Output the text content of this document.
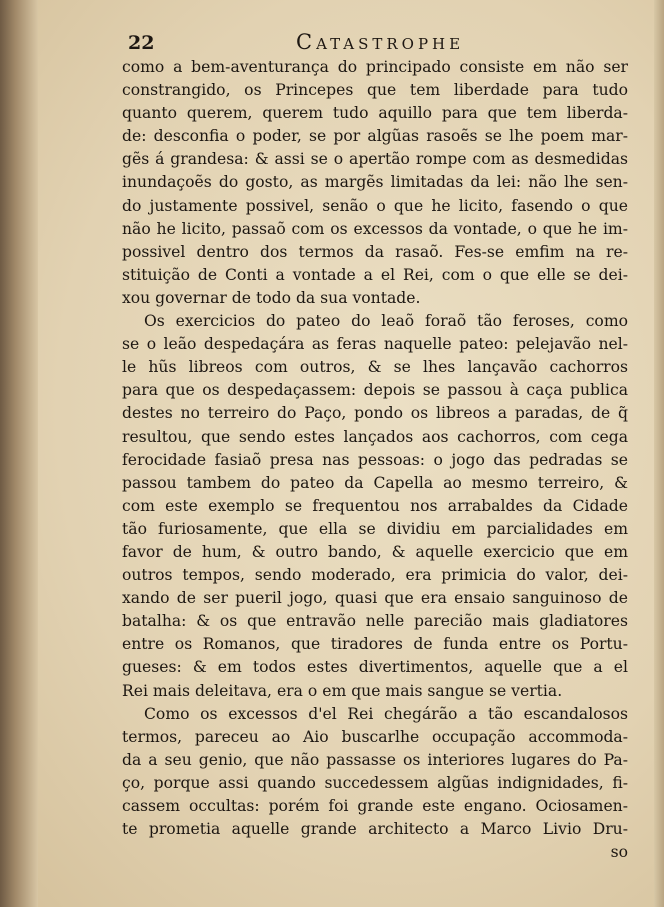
22	Catastrophe
como a bem-aventurança do principado consiste em não ser
constrangido, os Princepes que tem liberdade para tudo
quanto querem, querem tudo aquillo para que tem liberda-
de: desconfia o poder, se por algũas rasoẽs se lhe poem mar-
gẽs á grandesa: & assi se o apertão rompe com as desmedidas
inundaçoẽs do gosto, as margẽs limitadas da lei: não lhe sen-
do justamente possivel, senão o que he licito, fasendo o que
não he licito, passaõ com os excessos da vontade, o que he im-
possivel dentro dos termos da rasaõ. Fes-se emfim na re-
stituição de Conti a vontade a el Rei, com o que elle se dei-
xou governar de todo da sua vontade.
Os exercicios do pateo do leaõ foraõ tão feroses, como
se o leão despedaçára as feras naquelle pateo: pelejavão nel-
le hũs libreos com outros, & se lhes lançavão cachorros
para que os despedaçassem: depois se passou à caça publica
destes no terreiro do Paço, pondo os libreos a paradas, de q̃
resultou, que sendo estes lançados aos cachorros, com cega
ferocidade fasiaõ presa nas pessoas: o jogo das pedradas se
passou tambem do pateo da Capella ao mesmo terreiro, &
com este exemplo se frequentou nos arrabaldes da Cidade
tão furiosamente, que ella se dividiu em parcialidades em
favor de hum, & outro bando, & aquelle exercicio que em
outros tempos, sendo moderado, era primicia do valor, dei-
xando de ser pueril jogo, quasi que era ensaio sanguinoso de
batalha: & os que entravão nelle parecião mais gladiatores
entre os Romanos, que tiradores de funda entre os Portu-
gueses: & em todos estes divertimentos, aquelle que a el
Rei mais deleitava, era o em que mais sangue se vertia.
Como os excessos d'el Rei chegárão a tão escandalosos
termos, pareceu ao Aio buscarlhe occupação accommoda-
da a seu genio, que não passasse os interiores lugares do Pa-
ço, porque assi quando succedessem algũas indignidades, fi-
cassem occultas: porém foi grande este engano. Ociosamen-
te prometia aquelle grande architecto a Marco Livio Dru-
so
